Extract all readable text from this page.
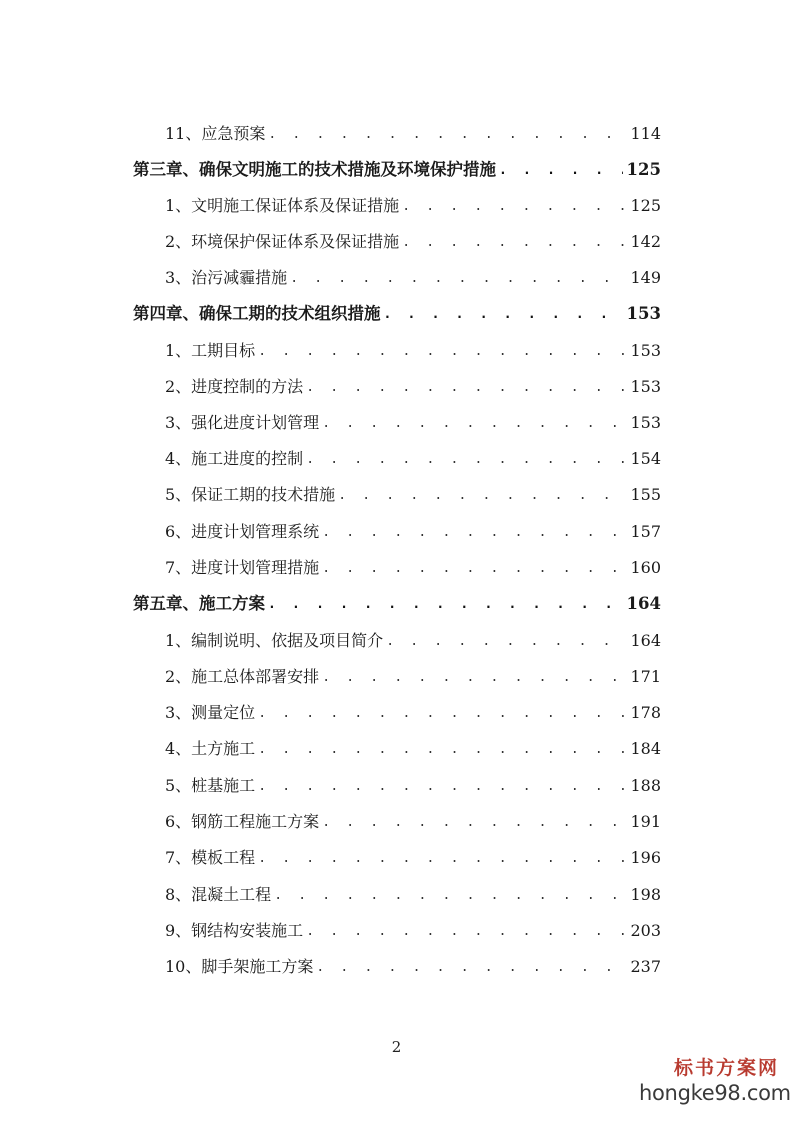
11、应急预案 . . .	114
第三章、确保文明施工的技术措施及环境保护措施 . . .	125
1、文明施工保证体系及保证措施 . . .	125
2、环境保护保证体系及保证措施 . . .	142
3、治污减霾措施 . . .	149
第四章、确保工期的技术组织措施 . . .	153
1、工期目标 . . .	153
2、进度控制的方法 . . .	153
3、强化进度计划管理 . . .	153
4、施工进度的控制 . . .	154
5、保证工期的技术措施 . . .	155
6、进度计划管理系统 . . .	157
7、进度计划管理措施 . . .	160
第五章、施工方案 . . .	164
1、编制说明、依据及项目简介 . . .	164
2、施工总体部署安排 . . .	171
3、测量定位 . . .	178
4、土方施工 . . .	184
5、桩基施工 . . .	188
6、钢筋工程施工方案 . . .	191
7、模板工程 . . .	196
8、混凝土工程 . . .	198
9、钢结构安装施工 . . .	203
10、脚手架施工方案 . . .	237
2
标书方案网
hongke98.com
